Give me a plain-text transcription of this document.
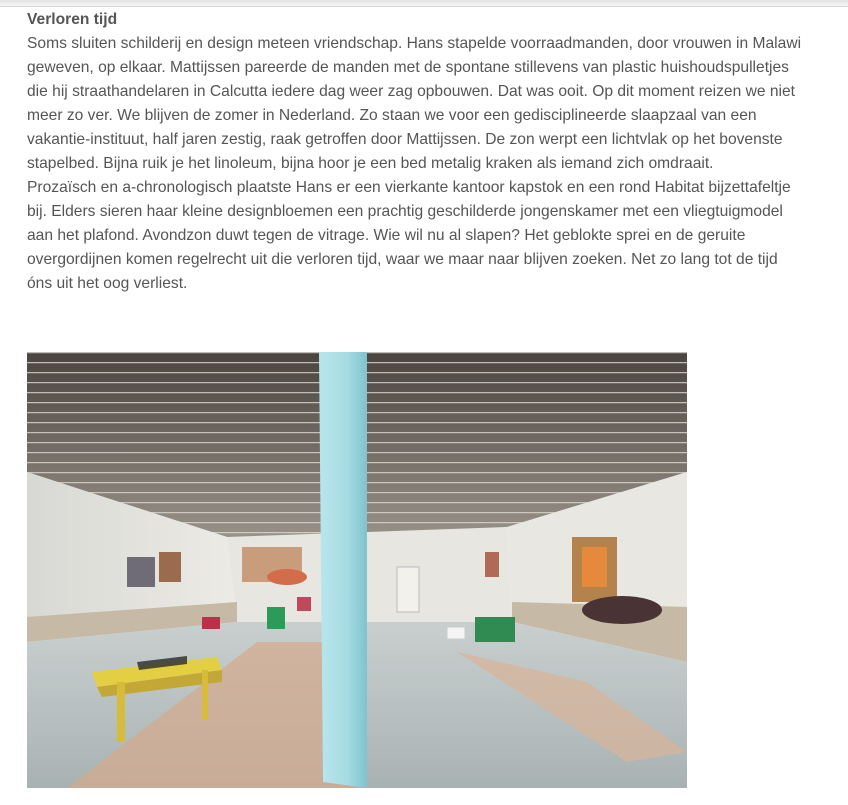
Verloren tijd

Soms sluiten schilderij en design meteen vriendschap. Hans stapelde voorraadmanden, door vrouwen in Malawi geweven, op elkaar. Mattijssen pareerde de manden met de spontane stillevens van plastic huishoudspulletjes die hij straathandelaren in Calcutta iedere dag weer zag opbouwen. Dat was ooit. Op dit moment reizen we niet meer zo ver. We blijven de zomer in Nederland. Zo staan we voor een gedisciplineerde slaapzaal van een vakantie-instituut, half jaren zestig, raak getroffen door Mattijssen. De zon werpt een lichtvlak op het bovenste stapelbed. Bijna ruik je het linoleum, bijna hoor je een bed metalig kraken als iemand zich omdraait.

Prozaïsch en a-chronologisch plaatste Hans er een vierkante kantoor kapstok en een rond Habitat bijzettafeltje bij. Elders sieren haar kleine designbloemen een prachtig geschilderde jongenskamer met een vliegtuigmodel aan het plafond. Avondzon duwt tegen de vitrage. Wie wil nu al slapen? Het geblokte sprei en de geruite overgordijnen komen regelrecht uit die verloren tijd, waar we maar naar blijven zoeken. Net zo lang tot de tijd óns uit het oog verliest.
